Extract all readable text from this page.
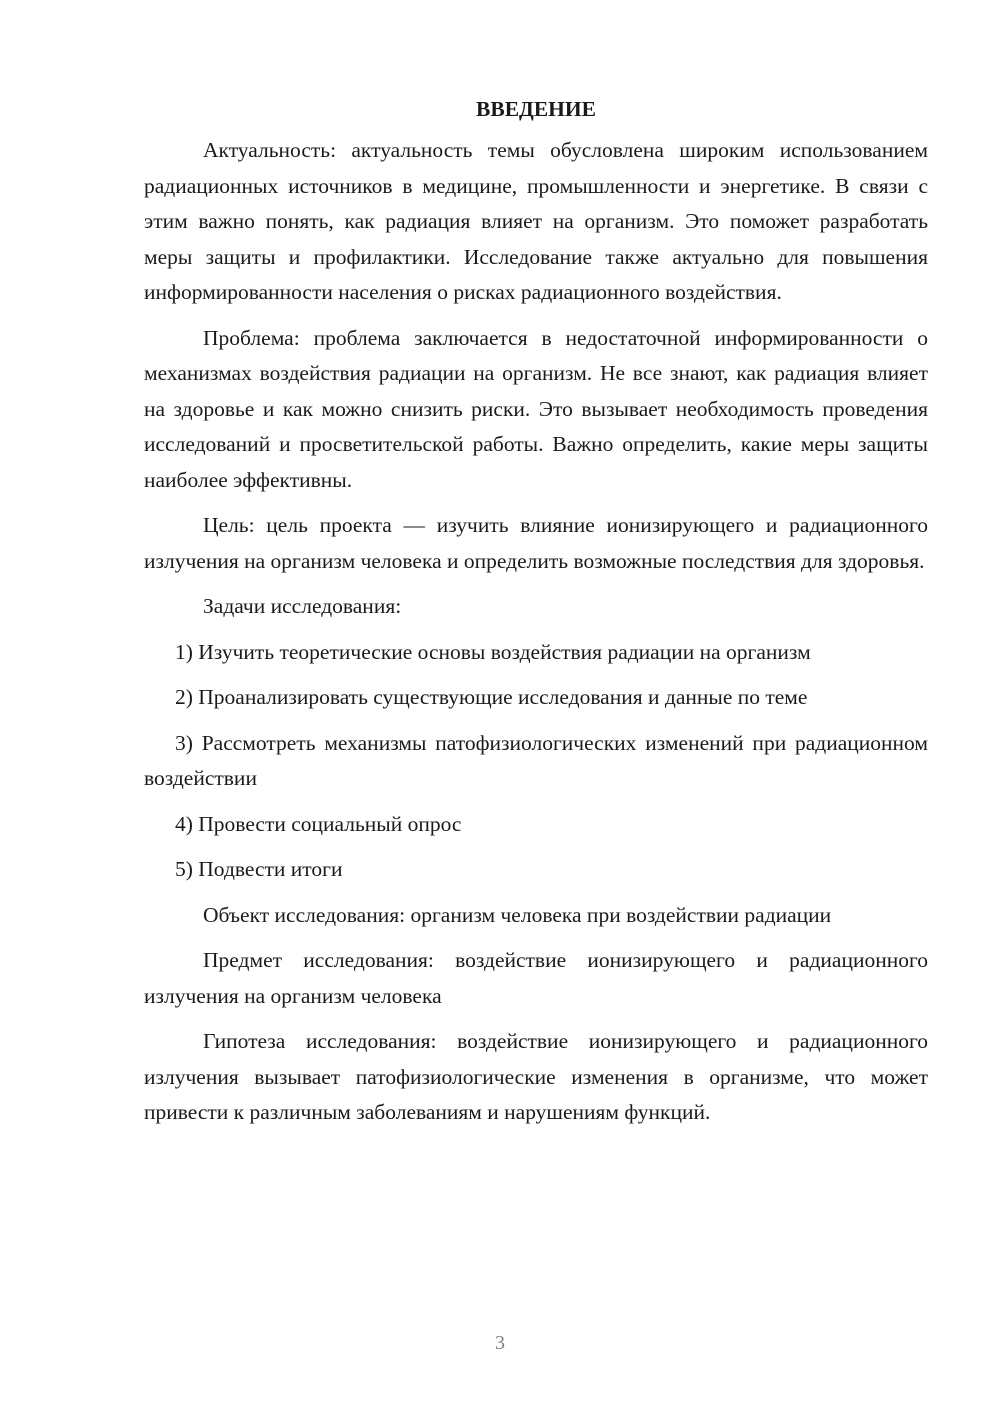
ВВЕДЕНИЕ

Актуальность: актуальность темы обусловлена широким использованием радиационных источников в медицине, промышленности и энергетике. В связи с этим важно понять, как радиация влияет на организм. Это поможет разработать меры защиты и профилактики. Исследование также актуально для повышения информированности населения о рисках радиационного воздействия.

Проблема: проблема заключается в недостаточной информированности о механизмах воздействия радиации на организм. Не все знают, как радиация влияет на здоровье и как можно снизить риски. Это вызывает необходимость проведения исследований и просветительской работы. Важно определить, какие меры защиты наиболее эффективны.

Цель: цель проекта — изучить влияние ионизирующего и радиационного излучения на организм человека и определить возможные последствия для здоровья.

Задачи исследования:

1) Изучить теоретические основы воздействия радиации на организм

2) Проанализировать существующие исследования и данные по теме

3) Рассмотреть механизмы патофизиологических изменений при радиационном воздействии

4) Провести социальный опрос

5) Подвести итоги

Объект исследования: организм человека при воздействии радиации

Предмет исследования: воздействие ионизирующего и радиационного излучения на организм человека

Гипотеза исследования: воздействие ионизирующего и радиационного излучения вызывает патофизиологические изменения в организме, что может привести к различным заболеваниям и нарушениям функций.

3
